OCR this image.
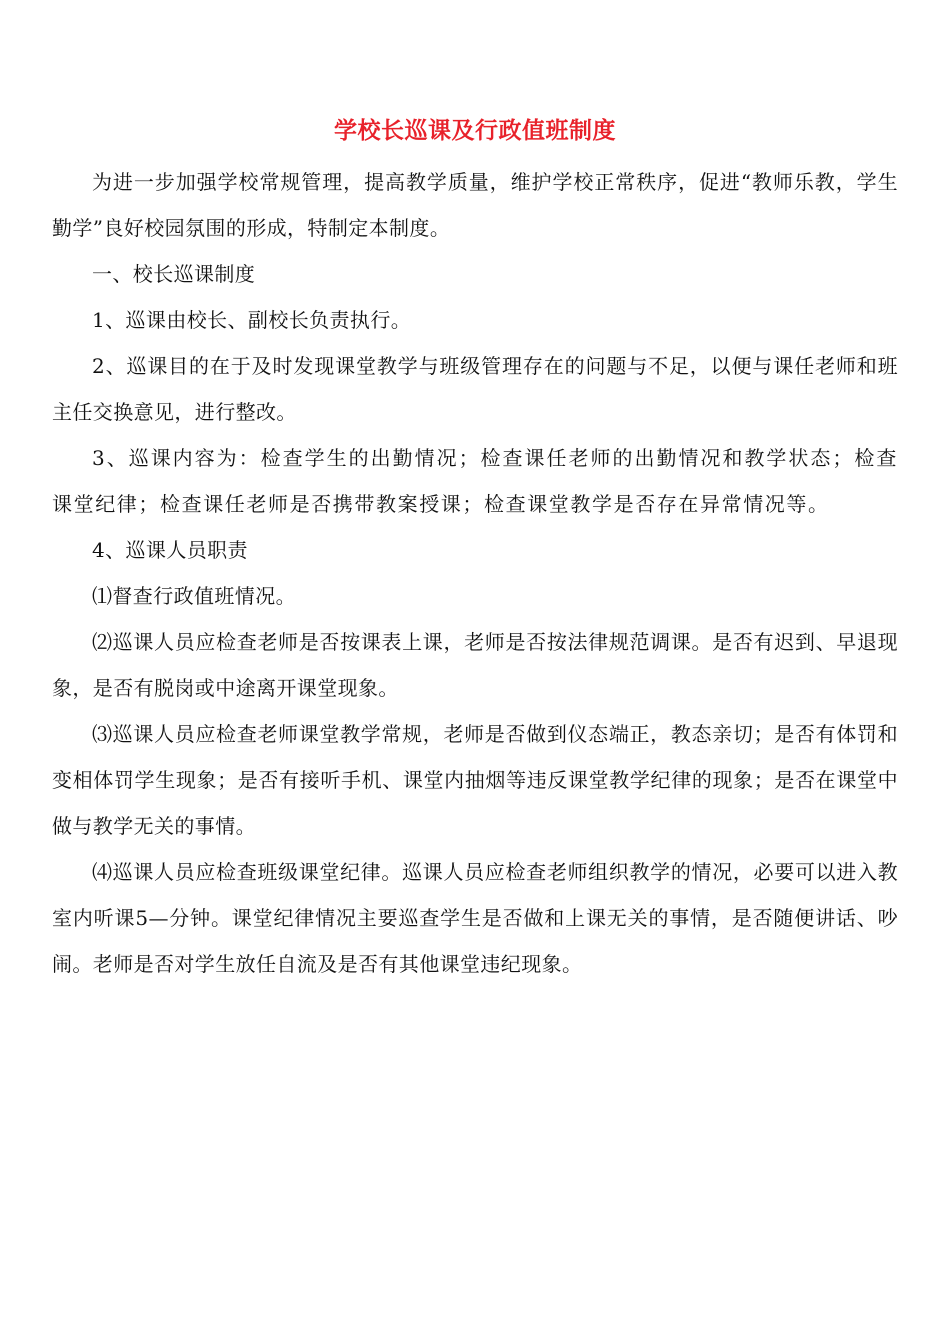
学校长巡课及行政值班制度

为进一步加强学校常规管理，提高教学质量，维护学校正常秩序，促进“教师乐教，学生勤学”良好校园氛围的形成，特制定本制度。

一、校长巡课制度

1、巡课由校长、副校长负责执行。

2、巡课目的在于及时发现课堂教学与班级管理存在的问题与不足，以便与课任老师和班主任交换意见，进行整改。

3、巡课内容为：检查学生的出勤情况；检查课任老师的出勤情况和教学状态；检查课堂纪律；检查课任老师是否携带教案授课；检查课堂教学是否存在异常情况等。

4、巡课人员职责

⑴督查行政值班情况。

⑵巡课人员应检查老师是否按课表上课，老师是否按法律规范调课。是否有迟到、早退现象，是否有脱岗或中途离开课堂现象。

⑶巡课人员应检查老师课堂教学常规，老师是否做到仪态端正，教态亲切；是否有体罚和变相体罚学生现象；是否有接听手机、课堂内抽烟等违反课堂教学纪律的现象；是否在课堂中做与教学无关的事情。

⑷巡课人员应检查班级课堂纪律。巡课人员应检查老师组织教学的情况，必要可以进入教室内听课5—分钟。课堂纪律情况主要巡查学生是否做和上课无关的事情，是否随便讲话、吵闹。老师是否对学生放任自流及是否有其他课堂违纪现象。
